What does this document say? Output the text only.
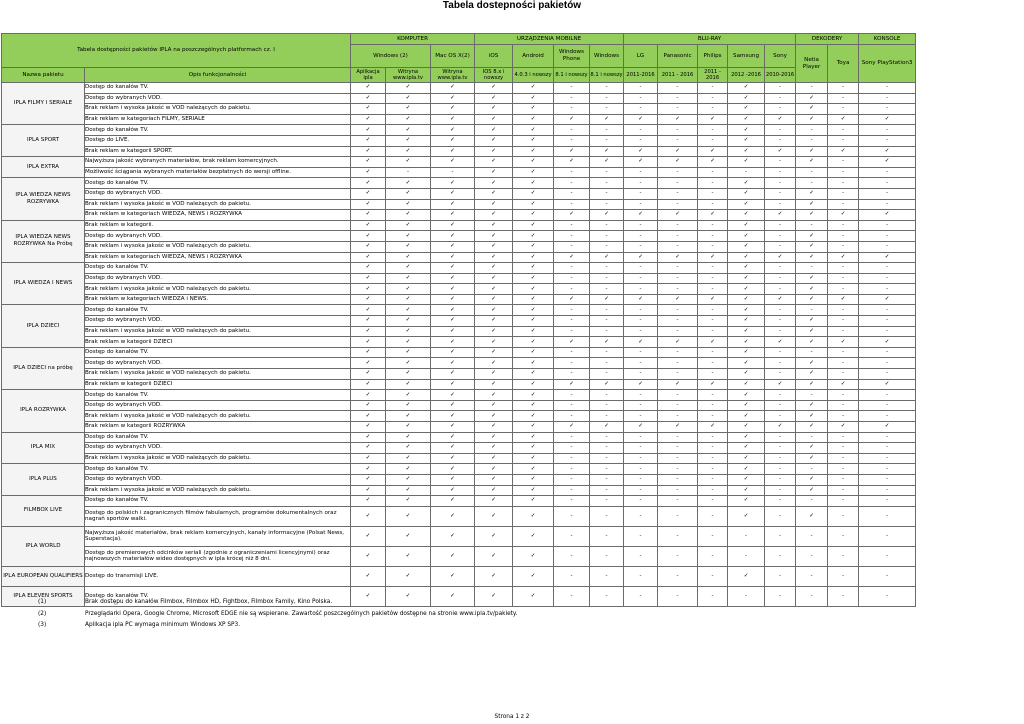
Tabela dostepności pakietów
Tabela dostępności pakietów IPLA na poszczególnych platformach cz. I		KOMPUTER			URZĄDZENIA MOBILNE				BLU-RAY					DEKODERY		KONSOLE
		Windows (2)		Mac OS X(2)	iOS	Android	Windows Phone	Windows	LG	Panasonic	Philips	Samsung	Sony	Netia Player	Toya	Sony PlayStation3
Nazwa pakietu	Opis funkcjonalności	Aplikacja ipla	Witryna www.ipla.tv	Witryna www.ipla.tv	IOS 8.x i nowszy	4.0.3 i nowszy	8.1 i nowszy	8.1 i nowszy	2011-2016	2011 - 2016	2011 - 2016	2012 -2016	2010-2016			
IPLA FILMY I SERIALE	Dostęp do kanałów TV.	✓	✓	✓	✓	✓	-	-	-	-	-	✓	-	-	-	-
	Dostęp do wybranych VOD.	✓	✓	✓	✓	✓	-	-	-	-	-	✓	-	✓	-	-
	Brak reklam i wysoka jakość w VOD należących do pakietu.	✓	✓	✓	✓	✓	-	-	-	-	-	✓	-	✓	-	-
	Brak reklam w kategoriach FILMY, SERIALE	✓	✓	✓	✓	✓	✓	✓	✓	✓	✓	✓	✓	✓	✓	✓
IPLA SPORT	Dostęp do kanałów TV.	✓	✓	✓	✓	✓	-	-	-	-	-	✓	-	-	-	-
	Dostęp do LIVE.	✓	✓	✓	✓	✓	-	-	-	-	-	✓	-	-	-	-
	Brak reklam w kategorii SPORT.	✓	✓	✓	✓	✓	✓	✓	✓	✓	✓	✓	✓	✓	✓	✓
IPLA EXTRA	Najwyższa jakość wybranych materiałów, brak reklam komercyjnych.	✓	✓	✓	✓	✓	✓	✓	✓	✓	✓	✓	-	✓	-	✓
	Możliwość ściągania wybranych materiałów bezpłatnych do wersji offline.	✓	-	-	✓	✓	-	-	-	-	-	-	-	-	-	-
IPLA WIEDZA NEWS ROZRYWKA	Dostęp do kanałów TV.	✓	✓	✓	✓	✓	-	-	-	-	-	✓	-	-	-	-
	Dostęp do wybranych VOD.	✓	✓	✓	✓	✓	-	-	-	-	-	✓	-	✓	-	-
	Brak reklam i wysoka jakość w VOD należących do pakietu.	✓	✓	✓	✓	✓	-	-	-	-	-	✓	-	✓	-	-
	Brak reklam w kategoriach WIEDZA, NEWS i ROZRYWKA	✓	✓	✓	✓	✓	✓	✓	✓	✓	✓	✓	✓	✓	✓	✓
IPLA WIEDZA NEWS ROZRYWKA Na Próbę	Brak reklam w kategorii.	✓	✓	✓	✓	✓	-	-	-	-	-	✓	-	-	-	-
	Dostęp do wybranych VOD.	✓	✓	✓	✓	✓	-	-	-	-	-	✓	-	✓	-	-
	Brak reklam i wysoka jakość w VOD należących do pakietu.	✓	✓	✓	✓	✓	-	-	-	-	-	✓	-	✓	-	-
	Brak reklam w kategoriach WIEDZA, NEWS i ROZRYWKA	✓	✓	✓	✓	✓	✓	✓	✓	✓	✓	✓	✓	✓	✓	✓
IPLA WIEDZA I NEWS	Dostęp do kanałów TV.	✓	✓	✓	✓	✓	-	-	-	-	-	✓	-	-	-	-
	Dostęp do wybranych VOD.	✓	✓	✓	✓	✓	-	-	-	-	-	✓	-	✓	-	-
	Brak reklam i wysoka jakość w VOD należących do pakietu.	✓	✓	✓	✓	✓	-	-	-	-	-	✓	-	✓	-	-
	Brak reklam w kategoriach WIEDZA i NEWS.	✓	✓	✓	✓	✓	✓	✓	✓	✓	✓	✓	✓	✓	✓	✓
IPLA DZIECI	Dostęp do kanałów TV.	✓	✓	✓	✓	✓	-	-	-	-	-	✓	-	-	-	-
	Dostęp do wybranych VOD.	✓	✓	✓	✓	✓	-	-	-	-	-	✓	-	✓	-	-
	Brak reklam i wysoka jakość w VOD należących do pakietu.	✓	✓	✓	✓	✓	-	-	-	-	-	✓	-	✓	-	-
	Brak reklam w kategorii DZIECI	✓	✓	✓	✓	✓	✓	✓	✓	✓	✓	✓	✓	✓	✓	✓
IPLA DZIECI na próbę	Dostęp do kanałów TV.	✓	✓	✓	✓	✓	-	-	-	-	-	✓	-	-	-	-
	Dostęp do wybranych VOD.	✓	✓	✓	✓	✓	-	-	-	-	-	✓	-	✓	-	-
	Brak reklam i wysoka jakość w VOD należących do pakietu.	✓	✓	✓	✓	✓	-	-	-	-	-	✓	-	✓	-	-
	Brak reklam w kategorii DZIECI	✓	✓	✓	✓	✓	✓	✓	✓	✓	✓	✓	✓	✓	✓	✓
IPLA ROZRYWKA	Dostęp do kanałów TV.	✓	✓	✓	✓	✓	-	-	-	-	-	✓	-	-	-	-
	Dostęp do wybranych VOD.	✓	✓	✓	✓	✓	-	-	-	-	-	✓	-	✓	-	-
	Brak reklam i wysoka jakość w VOD należących do pakietu.	✓	✓	✓	✓	✓	-	-	-	-	-	✓	-	✓	-	-
	Brak reklam w kategorii ROZRYWKA	✓	✓	✓	✓	✓	✓	✓	✓	✓	✓	✓	✓	✓	✓	✓
IPLA MIX	Dostęp do kanałów TV.	✓	✓	✓	✓	✓	-	-	-	-	-	✓	-	-	-	-
	Dostęp do wybranych VOD.	✓	✓	✓	✓	✓	-	-	-	-	-	✓	-	✓	-	-
	Brak reklam i wysoka jakość w VOD należących do pakietu.	✓	✓	✓	✓	✓	-	-	-	-	-	✓	-	✓	-	-
IPLA PLUS	Dostęp do kanałów TV.	✓	✓	✓	✓	✓	-	-	-	-	-	✓	-	-	-	-
	Dostęp do wybranych VOD.	✓	✓	✓	✓	✓	-	-	-	-	-	✓	-	✓	-	-
	Brak reklam i wysoka jakość w VOD należących do pakietu.	✓	✓	✓	✓	✓	-	-	-	-	-	✓	-	✓	-	-
FILMBOX LIVE	Dostęp do kanałów TV.	✓	✓	✓	✓	✓	-	-	-	-	-	✓	-	-	-	-
	Dostęp do polskich i zagranicznych filmów fabularnych, programów dokumentalnych oraz nagrań sportów walki.	✓	✓	✓	✓	✓	-	-	-	-	-	✓	-	✓	-	-
IPLA WORLD	Najwyższa jakość materiałów, brak reklam komercyjnych, kanały informacyjne (Polsat News, Superstacja).	✓	✓	✓	✓	✓	-	-	-	-	-	-	-	-	-	-
	Dostęp do premierowych odcinków seriali (zgodnie z ograniczeniami licencyjnymi) oraz najnowszych materiałów wideo dostępnych w ipla krócej niż 8 dni.	✓	✓	✓	✓	✓	-	-	-	-	-	-	-	-	-	-
IPLA EUROPEAN QUALIFIERS	Dostęp do transmisji LIVE.	✓	✓	✓	✓	✓	-	-	-	-	-	✓	-	-	-	-
IPLA ELEVEN SPORTS	Dostęp do kanałów TV.	✓	✓	✓	✓	✓	-	-	-	-	-	-	-	-	-	-
(1)	Brak dostępu do kanałów Filmbox, Filmbox HD, Fightbox, Filmbox Family, Kino Polska.
(2)	Przeglądarki Opera, Google Chrome, Microsoft EDGE nie są wspierane. Zawartość poszczególnych pakietów dostępne na stronie www.ipla.tv/pakiety.
(3)	Aplikacja ipla PC wymaga minimum Windows XP SP3.
Strona 1 z 2
